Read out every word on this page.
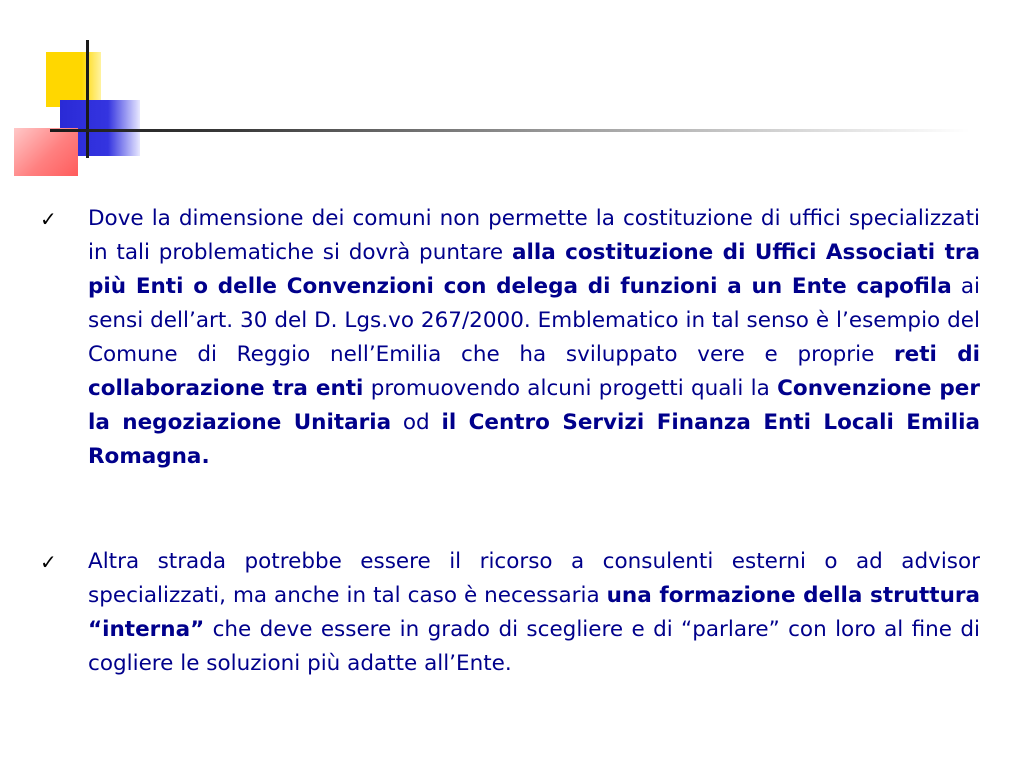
✓ Dove la dimensione dei comuni non permette la costituzione di uffici specializzati in tali problematiche si dovrà puntare alla costituzione di Uffici Associati tra più Enti o delle Convenzioni con delega di funzioni a un Ente capofila ai sensi dell’art. 30 del D. Lgs.vo 267/2000. Emblematico in tal senso è l’esempio del Comune di Reggio nell’Emilia che ha sviluppato vere e proprie reti di collaborazione tra enti promuovendo alcuni progetti quali la Convenzione per la negoziazione Unitaria od il Centro Servizi Finanza Enti Locali Emilia Romagna.
✓ Altra strada potrebbe essere il ricorso a consulenti esterni o ad advisor specializzati, ma anche in tal caso è necessaria una formazione della struttura “interna” che deve essere in grado di scegliere e di “parlare” con loro al fine di cogliere le soluzioni più adatte all’Ente.
